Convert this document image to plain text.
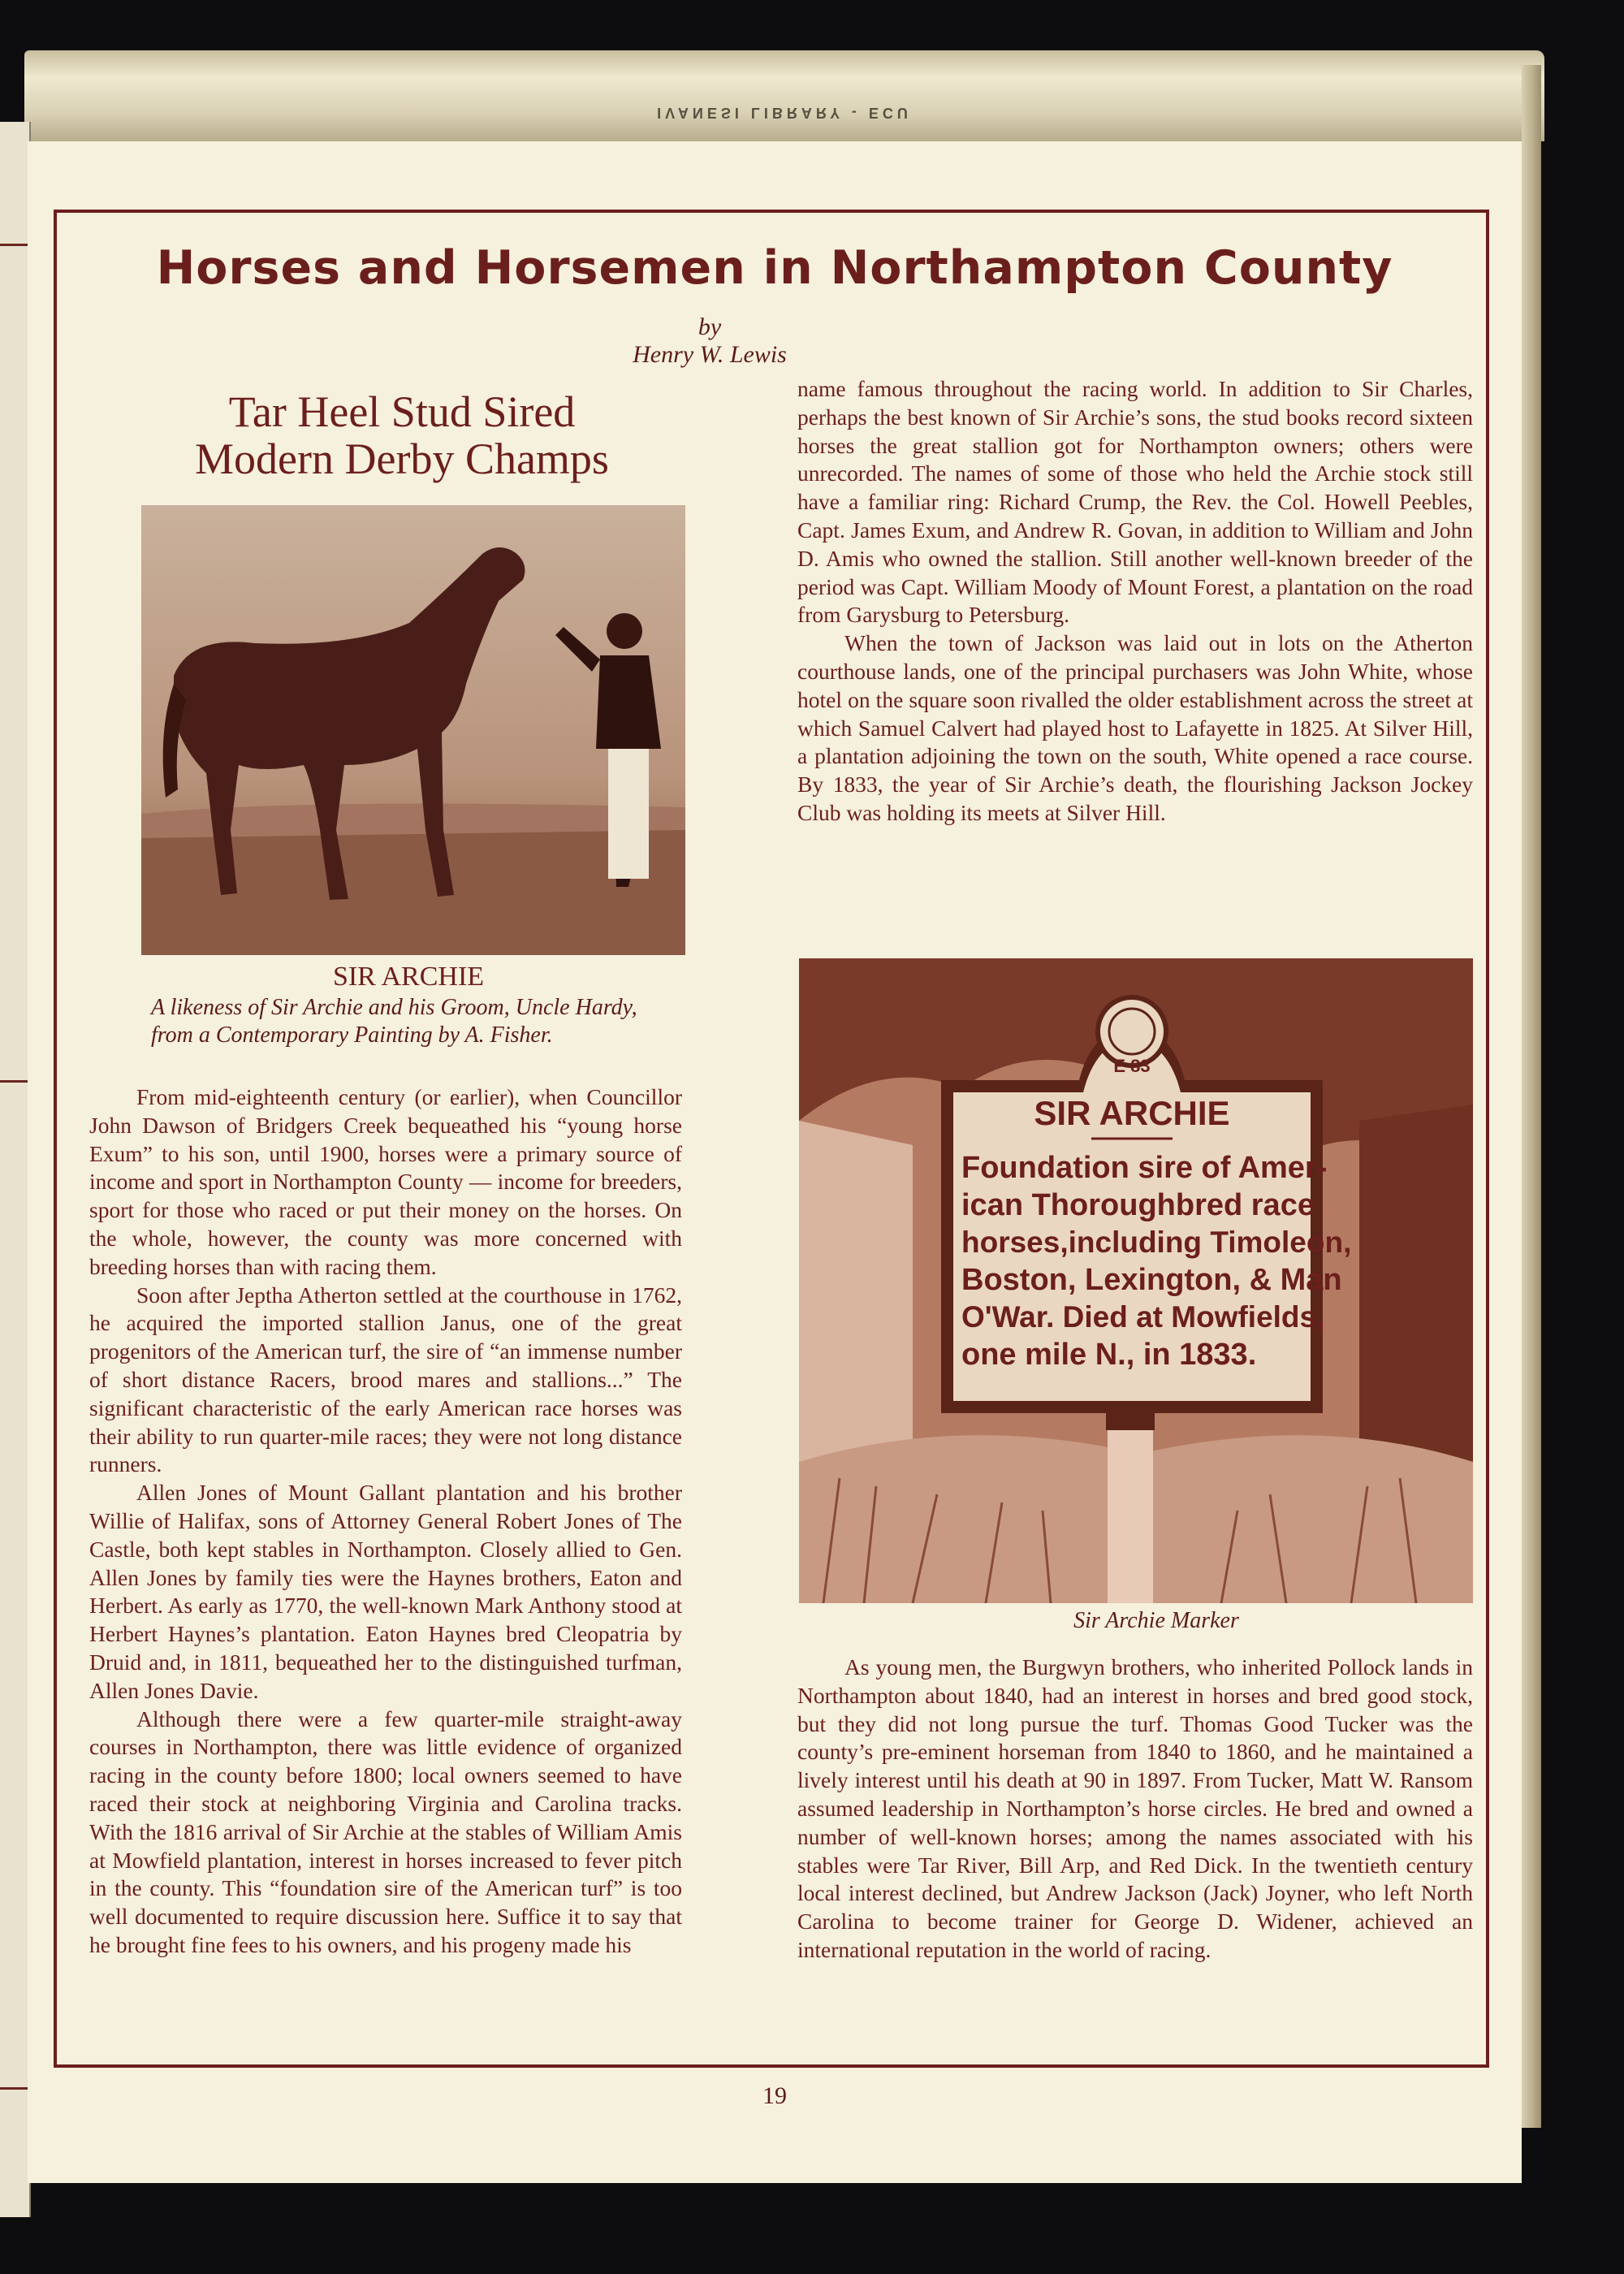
IVANESI LIBRARY - ECU
Horses and Horsemen in Northampton County
by
Henry W. Lewis
Tar Heel Stud Sired
Modern Derby Champs
SIR ARCHIE
A likeness of Sir Archie and his Groom, Uncle Hardy, from a Contemporary Painting by A. Fisher.

From mid-eighteenth century (or earlier), when Councillor John Dawson of Bridgers Creek bequeathed his “young horse Exum” to his son, until 1900, horses were a primary source of income and sport in Northampton County — income for breeders, sport for those who raced or put their money on the horses. On the whole, however, the county was more concerned with breeding horses than with racing them.

Soon after Jeptha Atherton settled at the courthouse in 1762, he acquired the imported stallion Janus, one of the great progenitors of the American turf, the sire of “an immense number of short distance Racers, brood mares and stallions...” The significant characteristic of the early American race horses was their ability to run quarter-mile races; they were not long distance runners.

Allen Jones of Mount Gallant plantation and his brother Willie of Halifax, sons of Attorney General Robert Jones of The Castle, both kept stables in Northampton. Closely allied to Gen. Allen Jones by family ties were the Haynes brothers, Eaton and Herbert. As early as 1770, the well-known Mark Anthony stood at Herbert Haynes’s plantation. Eaton Haynes bred Cleopatria by Druid and, in 1811, bequeathed her to the distinguished turfman, Allen Jones Davie.

Although there were a few quarter-mile straight-away courses in Northampton, there was little evidence of organized racing in the county before 1800; local owners seemed to have raced their stock at neighboring Virginia and Carolina tracks. With the 1816 arrival of Sir Archie at the stables of William Amis at Mowfield plantation, interest in horses increased to fever pitch in the county. This “foundation sire of the American turf” is too well documented to require discussion here. Suffice it to say that he brought fine fees to his owners, and his progeny made his

name famous throughout the racing world. In addition to Sir Charles, perhaps the best known of Sir Archie’s sons, the stud books record sixteen horses the great stallion got for Northampton owners; others were unrecorded. The names of some of those who held the Archie stock still have a familiar ring: Richard Crump, the Rev. the Col. Howell Peebles, Capt. James Exum, and Andrew R. Govan, in addition to William and John D. Amis who owned the stallion. Still another well-known breeder of the period was Capt. William Moody of Mount Forest, a plantation on the road from Garysburg to Petersburg.

When the town of Jackson was laid out in lots on the Atherton courthouse lands, one of the principal purchasers was John White, whose hotel on the square soon rivalled the older establishment across the street at which Samuel Calvert had played host to Lafayette in 1825. At Silver Hill, a plantation adjoining the town on the south, White opened a race course. By 1833, the year of Sir Archie’s death, the flourishing Jackson Jockey Club was holding its meets at Silver Hill.

E 83
SIR ARCHIE
Foundation sire of Amer-
ican Thoroughbred race
horses,including Timoleon,
Boston, Lexington, & Man
O'War. Died at Mowfields,
one mile N., in 1833.
Sir Archie Marker

As young men, the Burgwyn brothers, who inherited Pollock lands in Northampton about 1840, had an interest in horses and bred good stock, but they did not long pursue the turf. Thomas Good Tucker was the county’s pre-eminent horseman from 1840 to 1860, and he maintained a lively interest until his death at 90 in 1897. From Tucker, Matt W. Ransom assumed leadership in Northampton’s horse circles. He bred and owned a number of well-known horses; among the names associated with his stables were Tar River, Bill Arp, and Red Dick. In the twentieth century local interest declined, but Andrew Jackson (Jack) Joyner, who left North Carolina to become trainer for George D. Widener, achieved an international reputation in the world of racing.

19
